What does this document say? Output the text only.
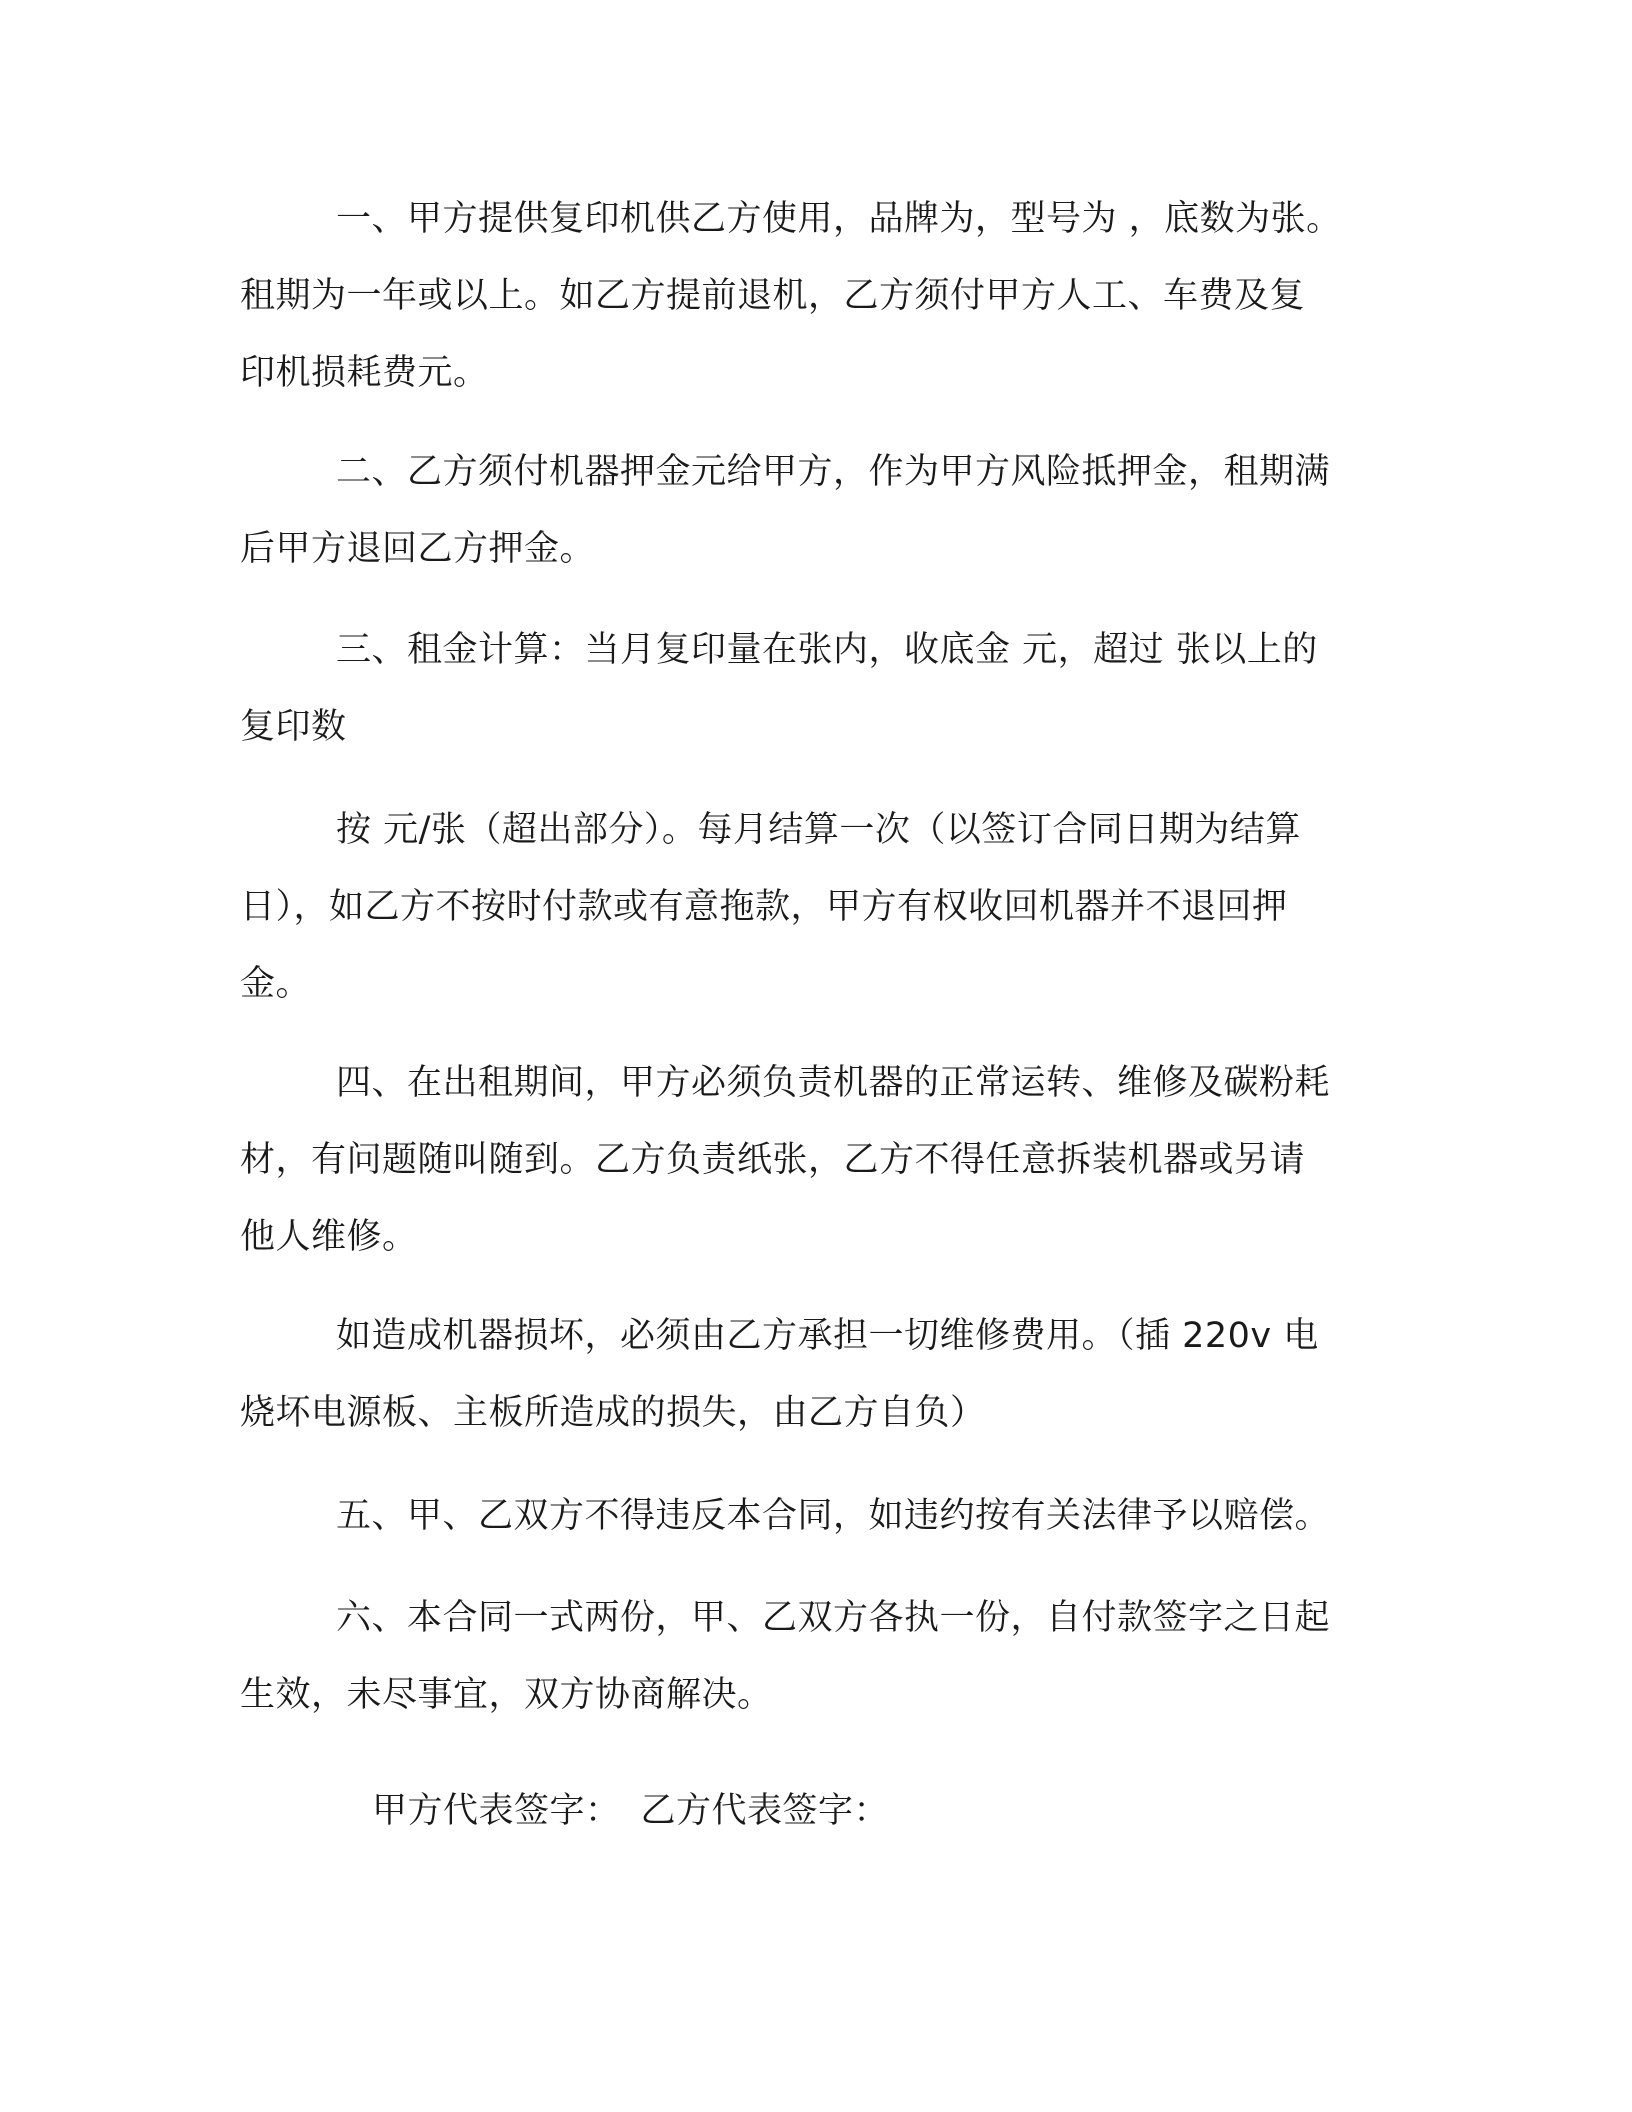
一、甲方提供复印机供乙方使用，品牌为，型号为 ，底数为张。
租期为一年或以上。如乙方提前退机，乙方须付甲方人工、车费及复
印机损耗费元。

二、乙方须付机器押金元给甲方，作为甲方风险抵押金，租期满
后甲方退回乙方押金。

三、租金计算：当月复印量在张内，收底金 元，超过 张以上的
复印数

按 元/张（超出部分）。每月结算一次（以签订合同日期为结算
日），如乙方不按时付款或有意拖款，甲方有权收回机器并不退回押
金。

四、在出租期间，甲方必须负责机器的正常运转、维修及碳粉耗
材，有问题随叫随到。乙方负责纸张，乙方不得任意拆装机器或另请
他人维修。

如造成机器损坏，必须由乙方承担一切维修费用。（插 220v 电
烧坏电源板、主板所造成的损失，由乙方自负）

五、甲、乙双方不得违反本合同，如违约按有关法律予以赔偿。

六、本合同一式两份，甲、乙双方各执一份，自付款签字之日起
生效，未尽事宜，双方协商解决。

甲方代表签字： 乙方代表签字：
